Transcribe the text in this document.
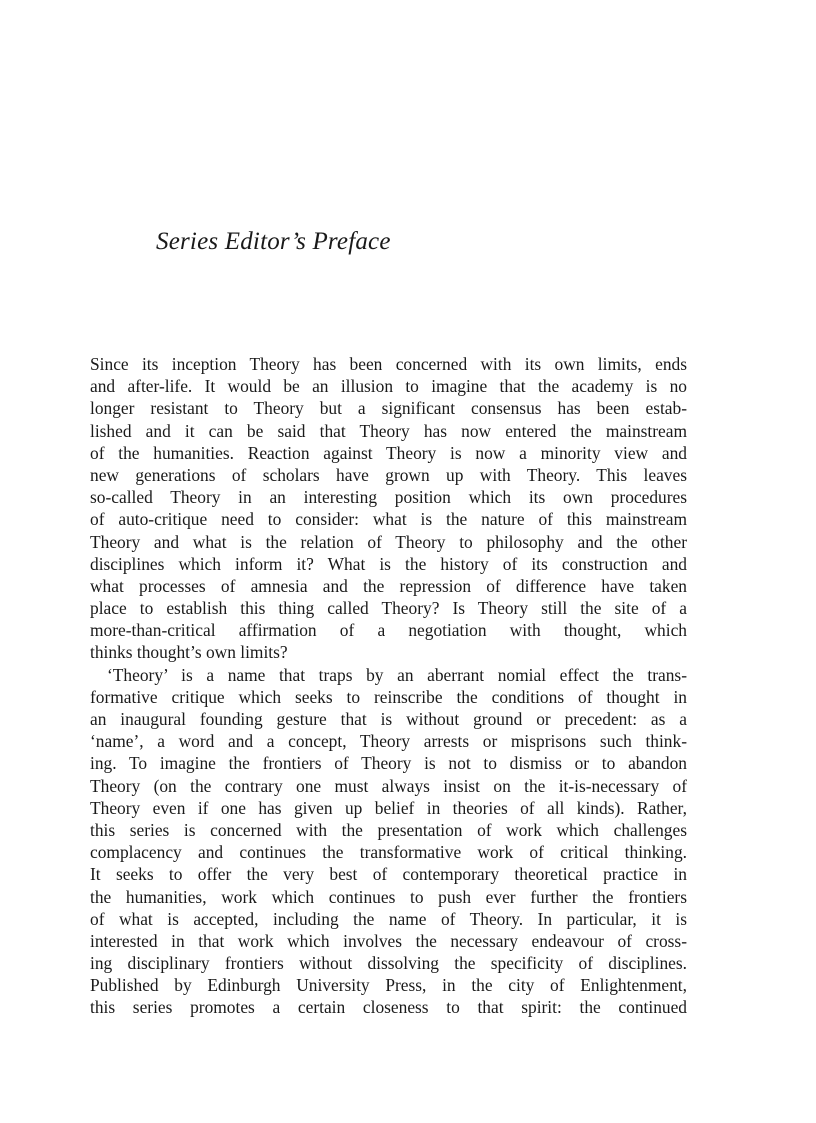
Series Editor’s Preface
Since its inception Theory has been concerned with its own limits, ends
and after-life. It would be an illusion to imagine that the academy is no
longer resistant to Theory but a significant consensus has been estab-
lished and it can be said that Theory has now entered the mainstream
of the humanities. Reaction against Theory is now a minority view and
new generations of scholars have grown up with Theory. This leaves
so-called Theory in an interesting position which its own procedures
of auto-critique need to consider: what is the nature of this mainstream
Theory and what is the relation of Theory to philosophy and the other
disciplines which inform it? What is the history of its construction and
what processes of amnesia and the repression of difference have taken
place to establish this thing called Theory? Is Theory still the site of a
more-than-critical affirmation of a negotiation with thought, which
thinks thought’s own limits?
‘Theory’ is a name that traps by an aberrant nomial effect the trans-
formative critique which seeks to reinscribe the conditions of thought in
an inaugural founding gesture that is without ground or precedent: as a
‘name’, a word and a concept, Theory arrests or misprisons such think-
ing. To imagine the frontiers of Theory is not to dismiss or to abandon
Theory (on the contrary one must always insist on the it-is-necessary of
Theory even if one has given up belief in theories of all kinds). Rather,
this series is concerned with the presentation of work which challenges
complacency and continues the transformative work of critical thinking.
It seeks to offer the very best of contemporary theoretical practice in
the humanities, work which continues to push ever further the frontiers
of what is accepted, including the name of Theory. In particular, it is
interested in that work which involves the necessary endeavour of cross-
ing disciplinary frontiers without dissolving the specificity of disciplines.
Published by Edinburgh University Press, in the city of Enlightenment,
this series promotes a certain closeness to that spirit: the continued
